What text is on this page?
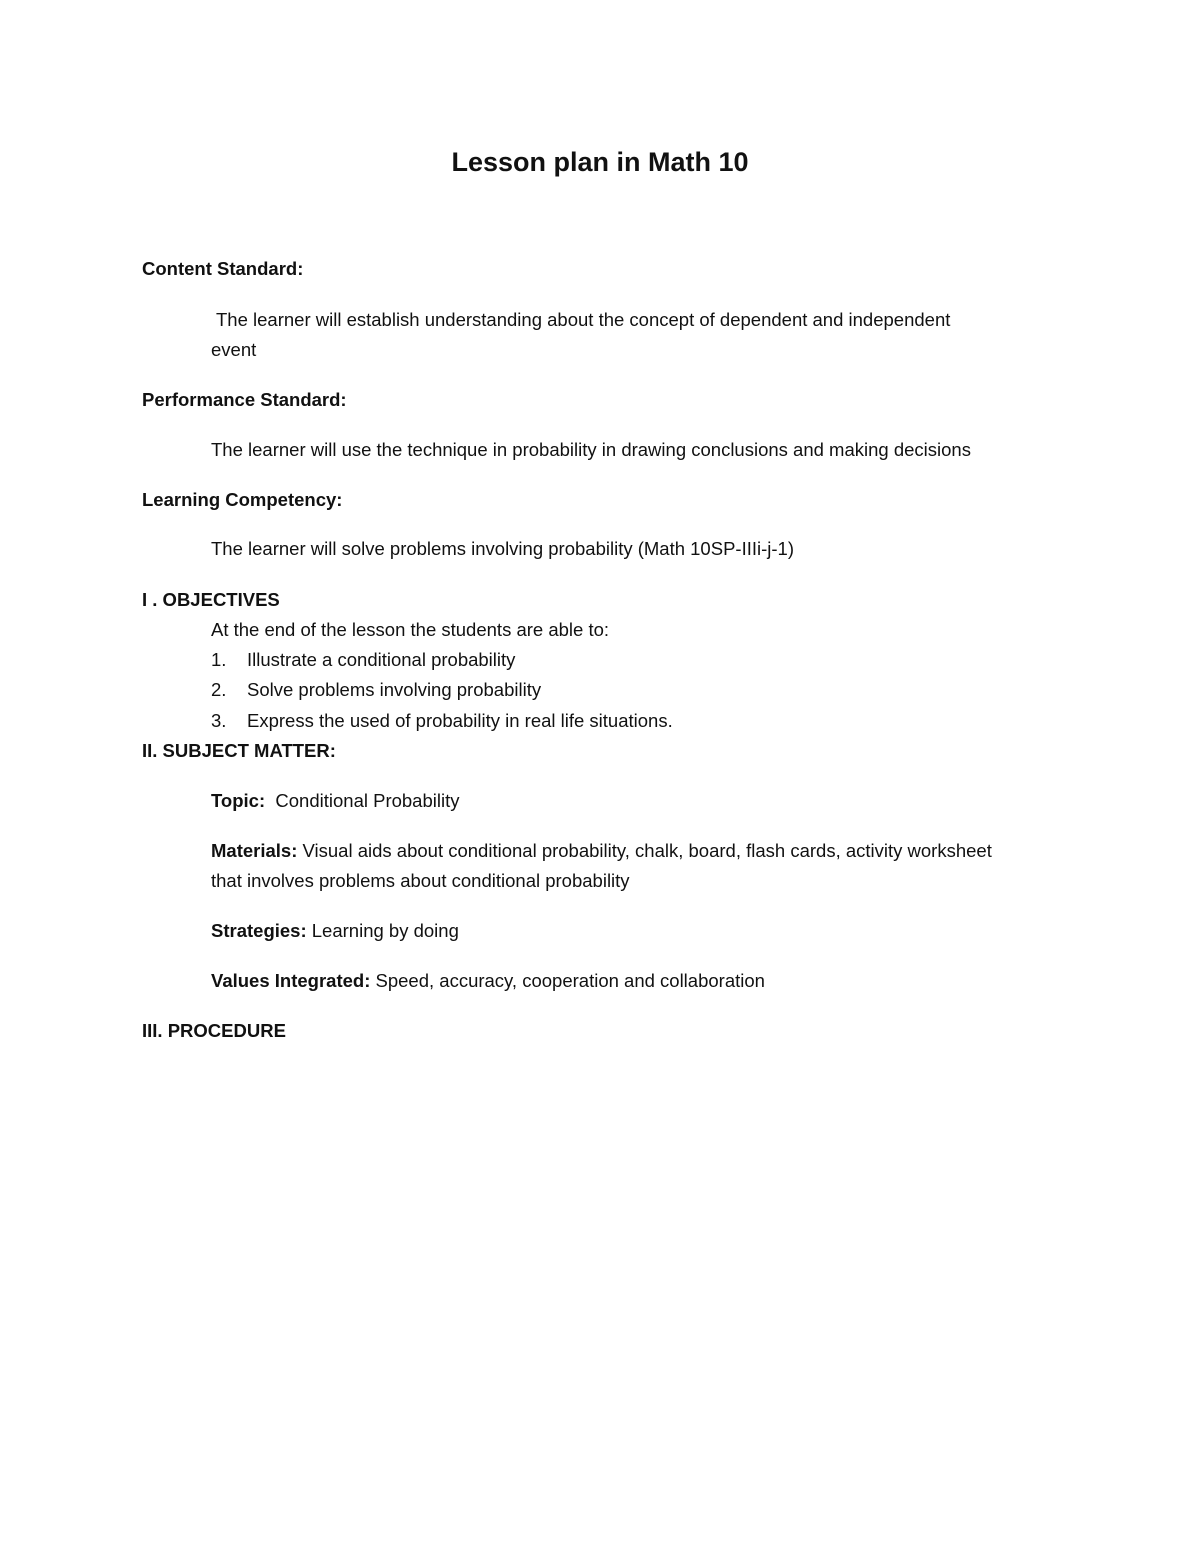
Lesson plan in Math 10
Content Standard:
The learner will establish understanding about the concept of dependent and independent
event
Performance Standard:
The learner will use the technique in probability in drawing conclusions and making decisions
Learning Competency:
The learner will solve problems involving probability (Math 10SP-IIIi-j-1)
I . OBJECTIVES
At the end of the lesson the students are able to:
1. Illustrate a conditional probability
2. Solve problems involving probability
3. Express the used of probability in real life situations.
II. SUBJECT MATTER:
Topic: Conditional Probability
Materials: Visual aids about conditional probability, chalk, board, flash cards, activity worksheet
that involves problems about conditional probability
Strategies: Learning by doing
Values Integrated: Speed, accuracy, cooperation and collaboration
III. PROCEDURE
